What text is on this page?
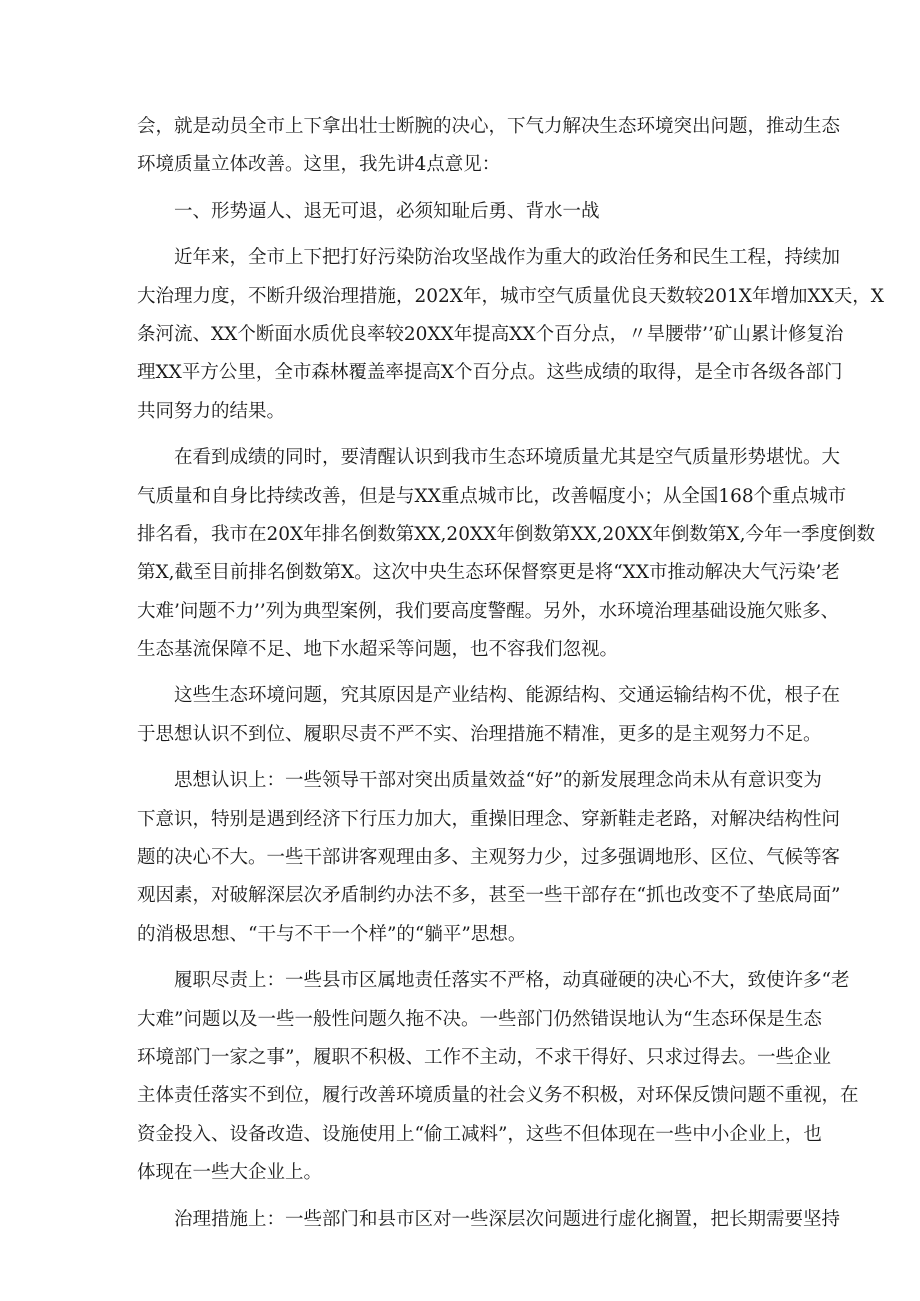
会，就是动员全市上下拿出壮士断腕的决心，下气力解决生态环境突出问题，推动生态

环境质量立体改善。这里，我先讲4点意见：

　　一、形势逼人、退无可退，必须知耻后勇、背水一战

　　近年来，全市上下把打好污染防治攻坚战作为重大的政治任务和民生工程，持续加

大治理力度，不断升级治理措施，202X年，城市空气质量优良天数较201X年增加XX天，X

条河流、XX个断面水质优良率较20XX年提高XX个百分点，〃旱腰带’’矿山累计修复治

理XX平方公里，全市森林覆盖率提高X个百分点。这些成绩的取得，是全市各级各部门

共同努力的结果。

　　在看到成绩的同时，要清醒认识到我市生态环境质量尤其是空气质量形势堪忧。大

气质量和自身比持续改善，但是与XX重点城市比，改善幅度小；从全国168个重点城市

排名看，我市在20X年排名倒数第XX,20XX年倒数第XX,20XX年倒数第X,今年一季度倒数

第X,截至目前排名倒数第X。这次中央生态环保督察更是将“XX市推动解决大气污染’老

大难’问题不力’’列为典型案例，我们要高度警醒。另外，水环境治理基础设施欠账多、

生态基流保障不足、地下水超采等问题，也不容我们忽视。

　　这些生态环境问题，究其原因是产业结构、能源结构、交通运输结构不优，根子在

于思想认识不到位、履职尽责不严不实、治理措施不精准，更多的是主观努力不足。

　　思想认识上：一些领导干部对突出质量效益“好”的新发展理念尚未从有意识变为

下意识，特别是遇到经济下行压力加大，重操旧理念、穿新鞋走老路，对解决结构性问

题的决心不大。一些干部讲客观理由多、主观努力少，过多强调地形、区位、气候等客

观因素，对破解深层次矛盾制约办法不多，甚至一些干部存在“抓也改变不了垫底局面”

的消极思想、“干与不干一个样”的“躺平”思想。

　　履职尽责上：一些县市区属地责任落实不严格，动真碰硬的决心不大，致使许多“老

大难”问题以及一些一般性问题久拖不决。一些部门仍然错误地认为“生态环保是生态

环境部门一家之事”，履职不积极、工作不主动，不求干得好、只求过得去。一些企业

主体责任落实不到位，履行改善环境质量的社会义务不积极，对环保反馈问题不重视，在

资金投入、设备改造、设施使用上“偷工减料”，这些不但体现在一些中小企业上，也

体现在一些大企业上。

　　治理措施上：一些部门和县市区对一些深层次问题进行虚化搁置，把长期需要坚持
